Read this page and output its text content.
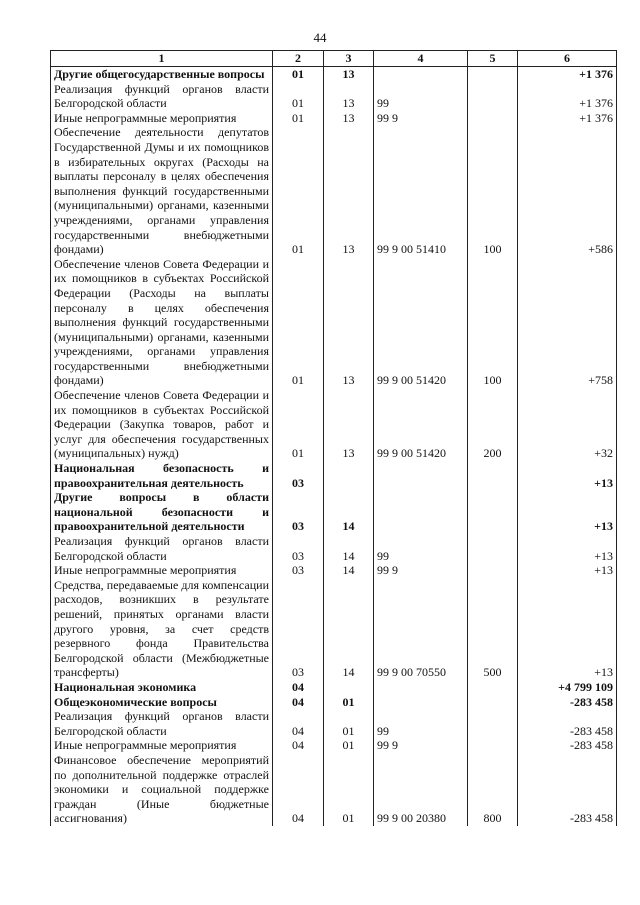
44
1	2	3	4	5	6
Другие общегосударственные вопросы	01	13			+1 376
Реализация функций органов власти Белгородской области	01	13	99		+1 376
Иные непрограммные мероприятия	01	13	99 9		+1 376
Обеспечение деятельности депутатов Государственной Думы и их помощников в избирательных округах (Расходы на выплаты персоналу в целях обеспечения выполнения функций государственными (муниципальными) органами, казенными учреждениями, органами управления государственными внебюджетными фондами)	01	13	99 9 00 51410	100	+586
Обеспечение членов Совета Федерации и их помощников в субъектах Российской Федерации (Расходы на выплаты персоналу в целях обеспечения выполнения функций государственными (муниципальными) органами, казенными учреждениями, органами управления государственными внебюджетными фондами)	01	13	99 9 00 51420	100	+758
Обеспечение членов Совета Федерации и их помощников в субъектах Российской Федерации (Закупка товаров, работ и услуг для обеспечения государственных (муниципальных) нужд)	01	13	99 9 00 51420	200	+32
Национальная безопасность и правоохранительная деятельность	03				+13
Другие вопросы в области национальной безопасности и правоохранительной деятельности	03	14			+13
Реализация функций органов власти Белгородской области	03	14	99		+13
Иные непрограммные мероприятия	03	14	99 9		+13
Средства, передаваемые для компенсации расходов, возникших в результате решений, принятых органами власти другого уровня, за счет средств резервного фонда Правительства Белгородской области (Межбюджетные трансферты)	03	14	99 9 00 70550	500	+13
Национальная экономика	04				+4 799 109
Общеэкономические вопросы	04	01			-283 458
Реализация функций органов власти Белгородской области	04	01	99		-283 458
Иные непрограммные мероприятия	04	01	99 9		-283 458
Финансовое обеспечение мероприятий по дополнительной поддержке отраслей экономики и социальной поддержке граждан (Иные бюджетные ассигнования)	04	01	99 9 00 20380	800	-283 458
